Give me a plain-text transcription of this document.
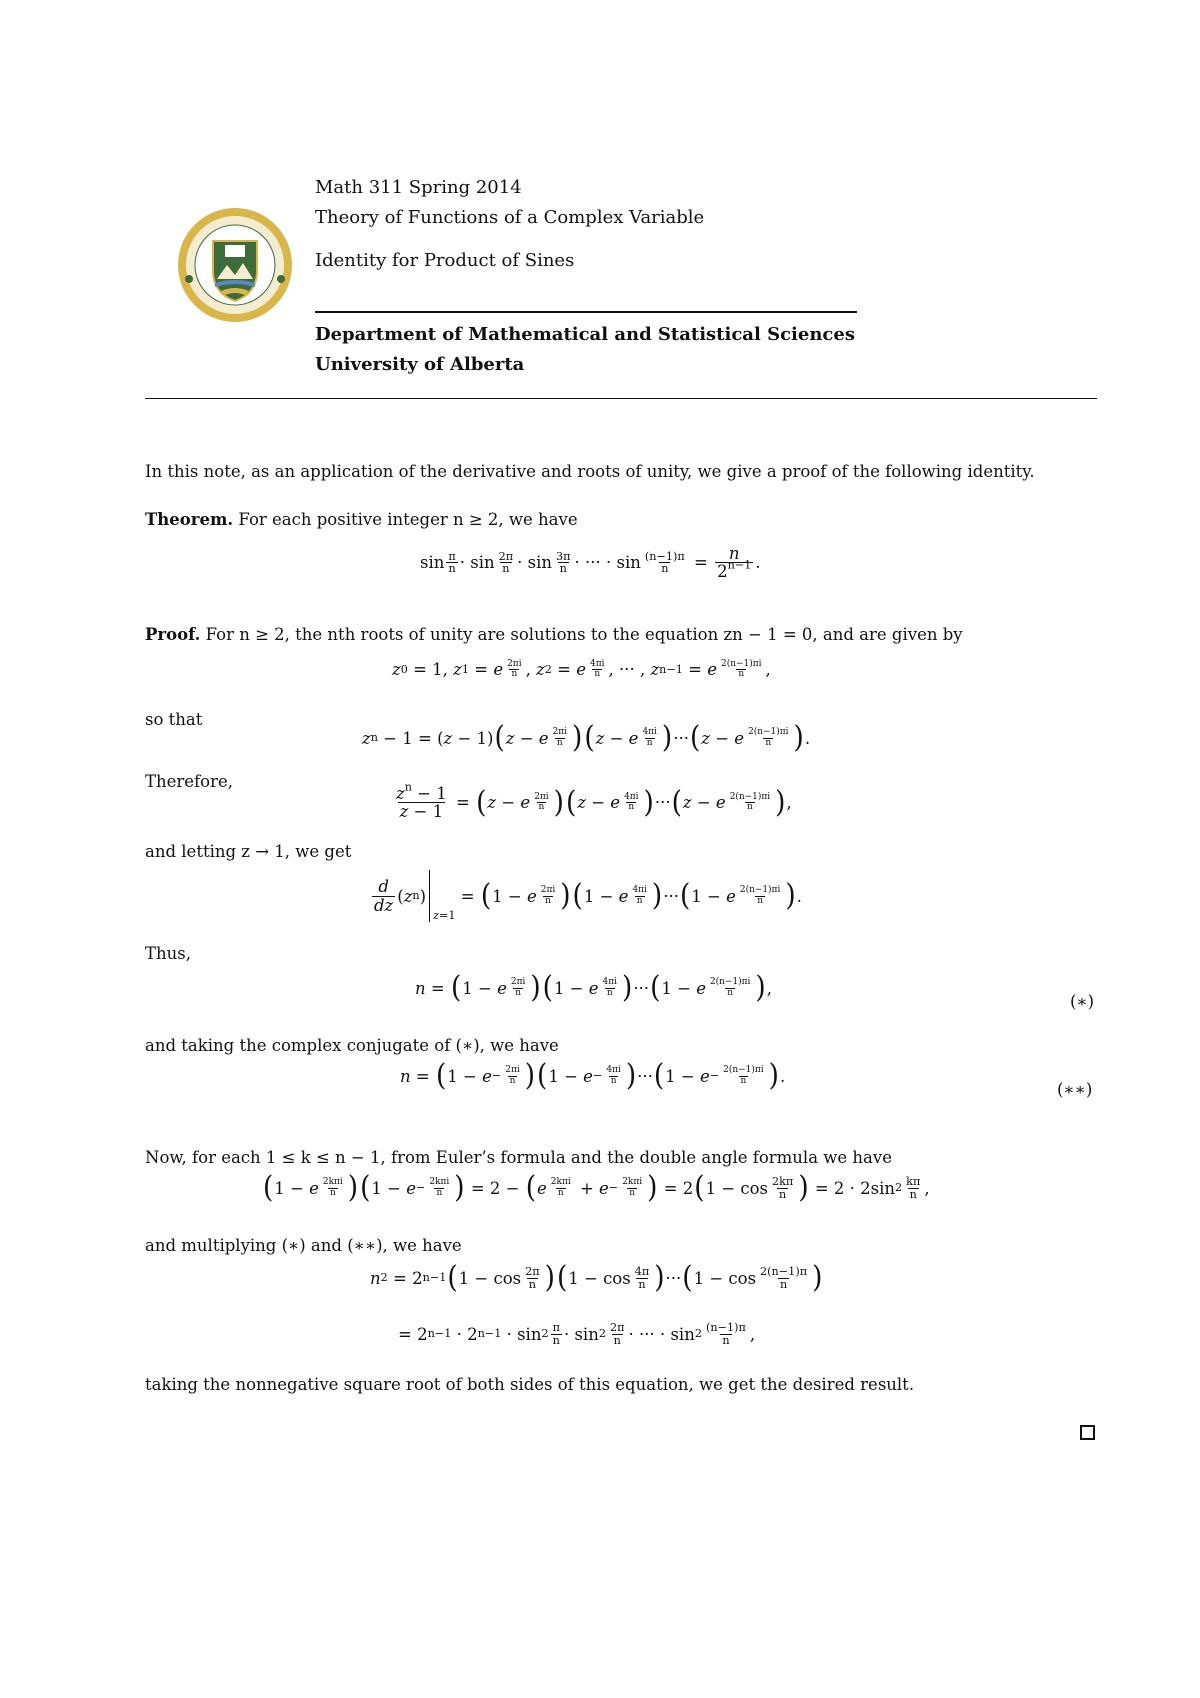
Math 311 Spring 2014
Theory of Functions of a Complex Variable
Identity for Product of Sines
Department of Mathematical and Statistical Sciences
University of Alberta
In this note, as an application of the derivative and roots of unity, we give a proof of the following identity.
Theorem. For each positive integer n ≥ 2, we have
sin π
n · sin 2π
n · sin 3π
n · ··· · sin (n−1)π
n = n
$2^{n-1}$ .
Proof. For n ≥ 2, the nth roots of unity are solutions to the equation zn − 1 = 0, and are given by
z 0 = 1, z 1 = e $\frac{2\pi i}{n}$ , z 2 = e $\frac{4\pi i}{n}$ , ··· , z n−1 = e $\frac{2(n-1)\pi i}{n}$ ,
so that
z n − 1 = ( z − 1) ( z − e $\frac{2\pi i}{n}$ ) ( z − e $\frac{4\pi i}{n}$ ) ··· ( z − e $\frac{2(n-1)\pi i}{n}$ ) .
Therefore,
$z^n - 1$
z − 1 = ( z − e $\frac{2\pi i}{n}$ ) ( z − e $\frac{4\pi i}{n}$ ) ··· ( z − e $\frac{2(n-1)\pi i}{n}$ ) ,
and letting z → 1, we get
d
dz ( z n )
z =1
= ( 1 − e $\frac{2\pi i}{n}$ ) ( 1 − e $\frac{4\pi i}{n}$ ) ··· ( 1 − e $\frac{2(n-1)\pi i}{n}$ ) .
Thus,
n = ( 1 − e $\frac{2\pi i}{n}$ ) ( 1 − e $\frac{4\pi i}{n}$ ) ··· ( 1 − e $\frac{2(n-1)\pi i}{n}$ ) ,
(∗)
and taking the complex conjugate of (∗), we have
n = ( $1 - e - \frac{2\pi i}{n}$ ) ( $1 - e - \frac{4\pi i}{n}$ ) ··· ( $1 - e - \frac{2(n-1)\pi i}{n}$ ) .
(∗∗)
Now, for each 1 ≤ k ≤ n − 1, from Euler’s formula and the double angle formula we have
( 1 − e 2kπi
n ) ( 1 − e − 2kπi
n ) = 2 − ( e 2kπi
n + e − 2kπi
n ) = 2 ( 1 − cos 2kπ
n ) = 2 · 2sin 2 kπ
n ,
and multiplying (∗) and (∗∗), we have
n 2 = 2 n−1 ( 1 − cos 2π
n ) ( 1 − cos 4π
n ) ··· ( 1 − cos 2(n−1)π
n )
= 2 n−1 · 2 n−1 · sin 2 π
n · sin 2 2π
n · ··· · sin 2 (n−1)π
n ,
taking the nonnegative square root of both sides of this equation, we get the desired result.
